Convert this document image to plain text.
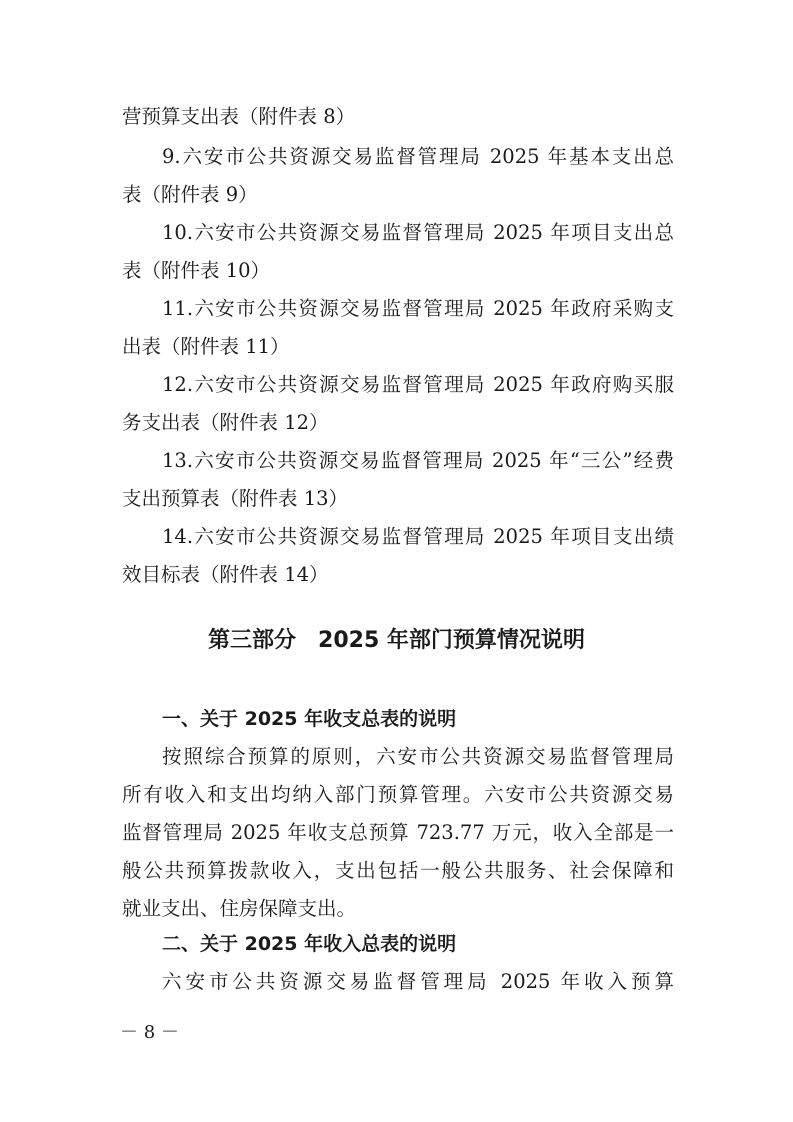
营预算支出表（附件表 8）
9.六安市公共资源交易监督管理局 2025 年基本支出总
表（附件表 9）
10.六安市公共资源交易监督管理局 2025 年项目支出总
表（附件表 10）
11.六安市公共资源交易监督管理局 2025 年政府采购支
出表（附件表 11）
12.六安市公共资源交易监督管理局 2025 年政府购买服
务支出表（附件表 12）
13.六安市公共资源交易监督管理局 2025 年“三公”经费
支出预算表（附件表 13）
14.六安市公共资源交易监督管理局 2025 年项目支出绩
效目标表（附件表 14）
第三部分　2025 年部门预算情况说明
一、关于 2025 年收支总表的说明
按照综合预算的原则，六安市公共资源交易监督管理局
所有收入和支出均纳入部门预算管理。六安市公共资源交易
监督管理局 2025 年收支总预算 723.77 万元，收入全部是一
般公共预算拨款收入，支出包括一般公共服务、社会保障和
就业支出、住房保障支出。
二、关于 2025 年收入总表的说明
六安市公共资源交易监督管理局 2025 年收入预算
－ 8 －
